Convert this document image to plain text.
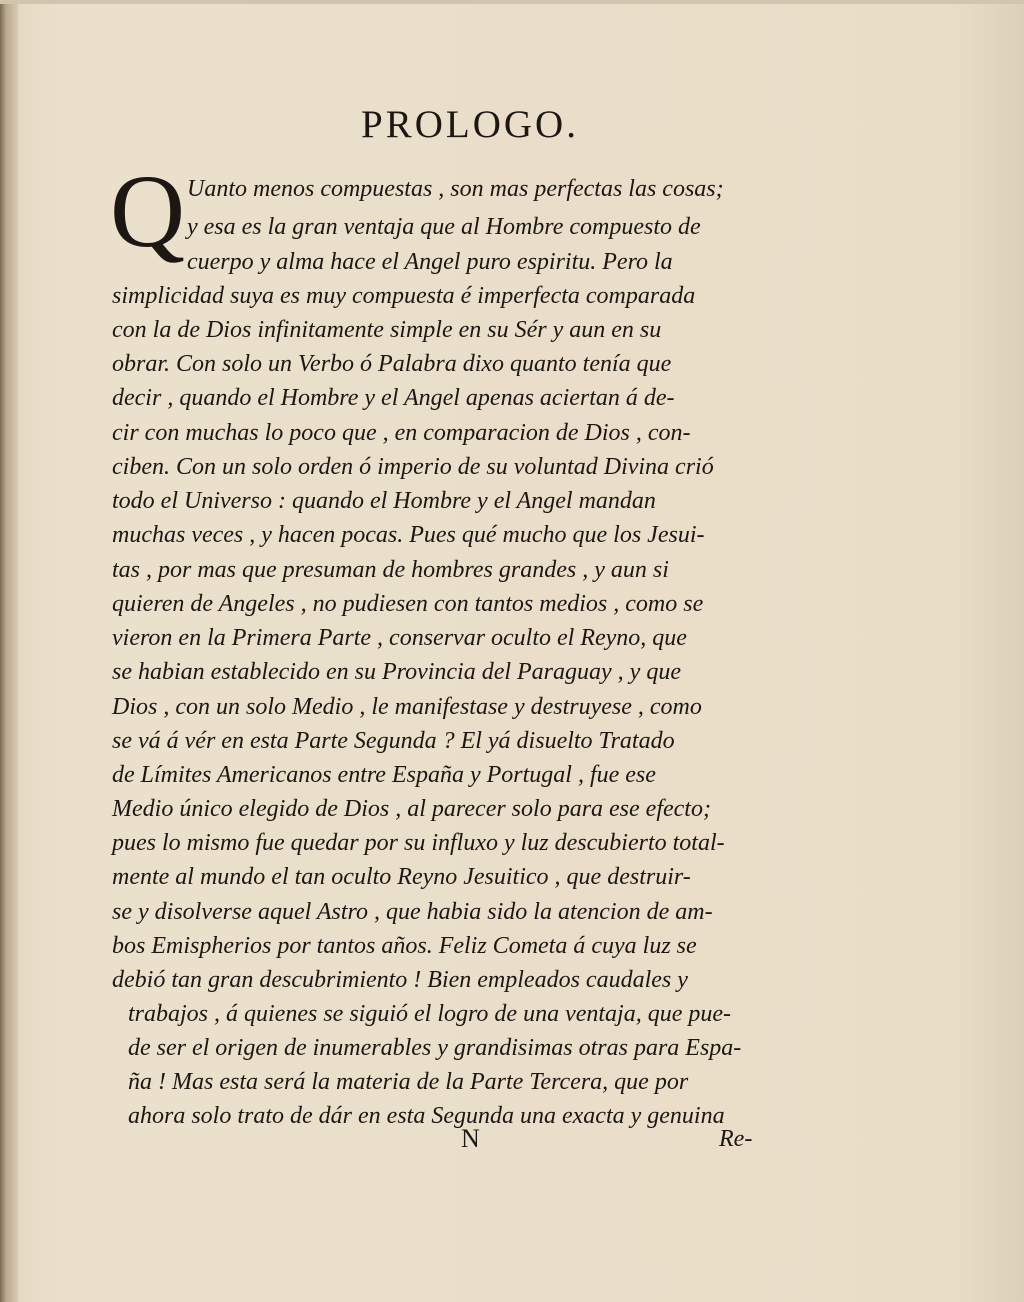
PROLOGO.
Q Uanto menos compuestas , son mas perfectas las cosas;

y esa es la gran ventaja que al Hombre compuesto de

cuerpo y alma hace el Angel puro espiritu. Pero la

simplicidad suya es muy compuesta é imperfecta comparada

con la de Dios infinitamente simple en su Sér y aun en su

obrar. Con solo un Verbo ó Palabra dixo quanto tenía que

decir , quando el Hombre y el Angel apenas aciertan á de-

cir con muchas lo poco que , en comparacion de Dios , con-

ciben. Con un solo orden ó imperio de su voluntad Divina crió

todo el Universo : quando el Hombre y el Angel mandan

muchas veces , y hacen pocas. Pues qué mucho que los Jesui-

tas , por mas que presuman de hombres grandes , y aun si

quieren de Angeles , no pudiesen con tantos medios , como se

vieron en la Primera Parte , conservar oculto el Reyno, que

se habian establecido en su Provincia del Paraguay , y que

Dios , con un solo Medio , le manifestase y destruyese , como

se vá á vér en esta Parte Segunda ? El yá disuelto Tratado

de Límites Americanos entre España y Portugal , fue ese

Medio único elegido de Dios , al parecer solo para ese efecto;

pues lo mismo fue quedar por su influxo y luz descubierto total-

mente al mundo el tan oculto Reyno Jesuitico , que destruir-

se y disolverse aquel Astro , que habia sido la atencion de am-

bos Emispherios por tantos años. Feliz Cometa á cuya luz se

debió tan gran descubrimiento ! Bien empleados caudales y

trabajos , á quienes se siguió el logro de una ventaja, que pue-

de ser el origen de inumerables y grandisimas otras para Espa-

ña ! Mas esta será la materia de la Parte Tercera, que por

ahora solo trato de dár en esta Segunda una exacta y genuina

N	Re-
